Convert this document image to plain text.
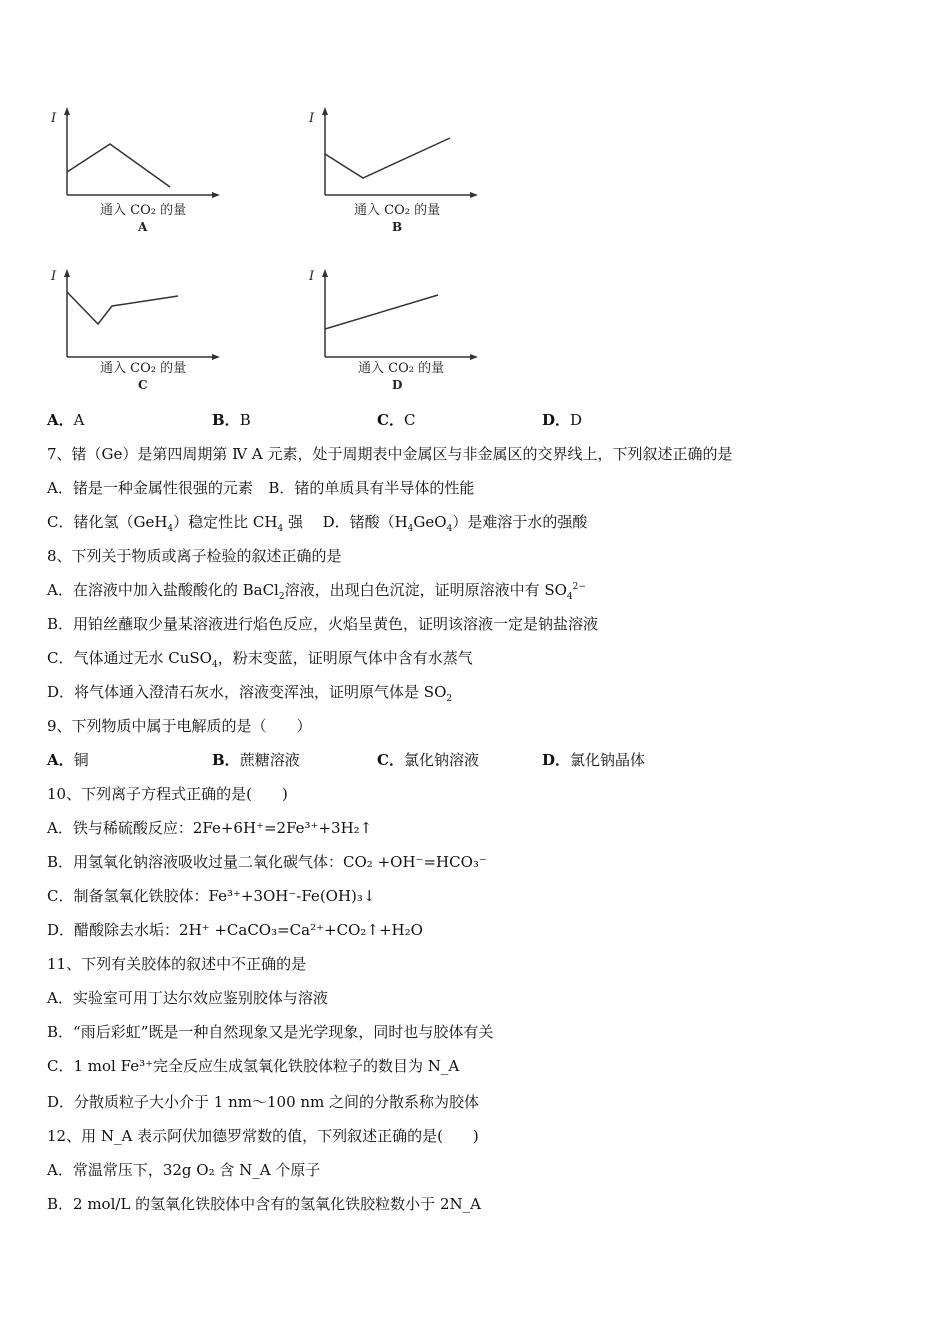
I
通入 CO₂ 的量
A
I
通入 CO₂ 的量
B
I
通入 CO₂ 的量
C
I
通入 CO₂ 的量
D
A．A	B．B	C．C	D．D
7、锗（Ge）是第四周期第 Ⅳ A 元素，处于周期表中金属区与非金属区的交界线上，下列叙述正确的是
A．锗是一种金属性很强的元素 B．锗的单质具有半导体的性能
C．锗化氢（GeH$_4$）稳定性比 $CH_4$ 强 D．锗酸$(H_4GeO_4)$是难溶于水的强酸
8、下列关于物质或离子检验的叙述正确的是
A．在溶液中加入盐酸酸化的 BaCl$_2$溶液，出现白色沉淀，证明原溶液中有 $SO_4^{2-}$
B．用铂丝蘸取少量某溶液进行焰色反应，火焰呈黄色，证明该溶液一定是钠盐溶液
C．气体通过无水 CuSO$_4$，粉末变蓝，证明原气体中含有水蒸气
D．将气体通入澄清石灰水，溶液变浑浊，证明原气体是 $SO_2$
9、下列物质中属于电解质的是（　　）
A．铜	B．蔗糖溶液	C．氯化钠溶液	D．氯化钠晶体
10、下列离子方程式正确的是(　　)
A．铁与稀硫酸反应：2Fe+6H⁺=2Fe³⁺+3H₂↑
B．用氢氧化钠溶液吸收过量二氧化碳气体：CO₂ +OH⁻=HCO₃⁻
C．制备氢氧化铁胶体：Fe³⁺+3OH⁻-Fe(OH)₃↓
D．醋酸除去水垢：2H⁺ +CaCO₃=Ca²⁺+CO₂↑+H₂O
11、下列有关胶体的叙述中不正确的是
A．实验室可用丁达尔效应鉴别胶体与溶液
B．“雨后彩虹”既是一种自然现象又是光学现象，同时也与胶体有关
C．1 mol Fe³⁺完全反应生成氢氧化铁胶体粒子的数目为 N_A
D．分散质粒子大小介于 1 nm～100 nm 之间的分散系称为胶体
12、用 N_A 表示阿伏加德罗常数的值，下列叙述正确的是(　　)
A．常温常压下，32g O₂ 含 N_A 个原子
B．2 mol/L 的氢氧化铁胶体中含有的氢氧化铁胶粒数小于 2N_A
